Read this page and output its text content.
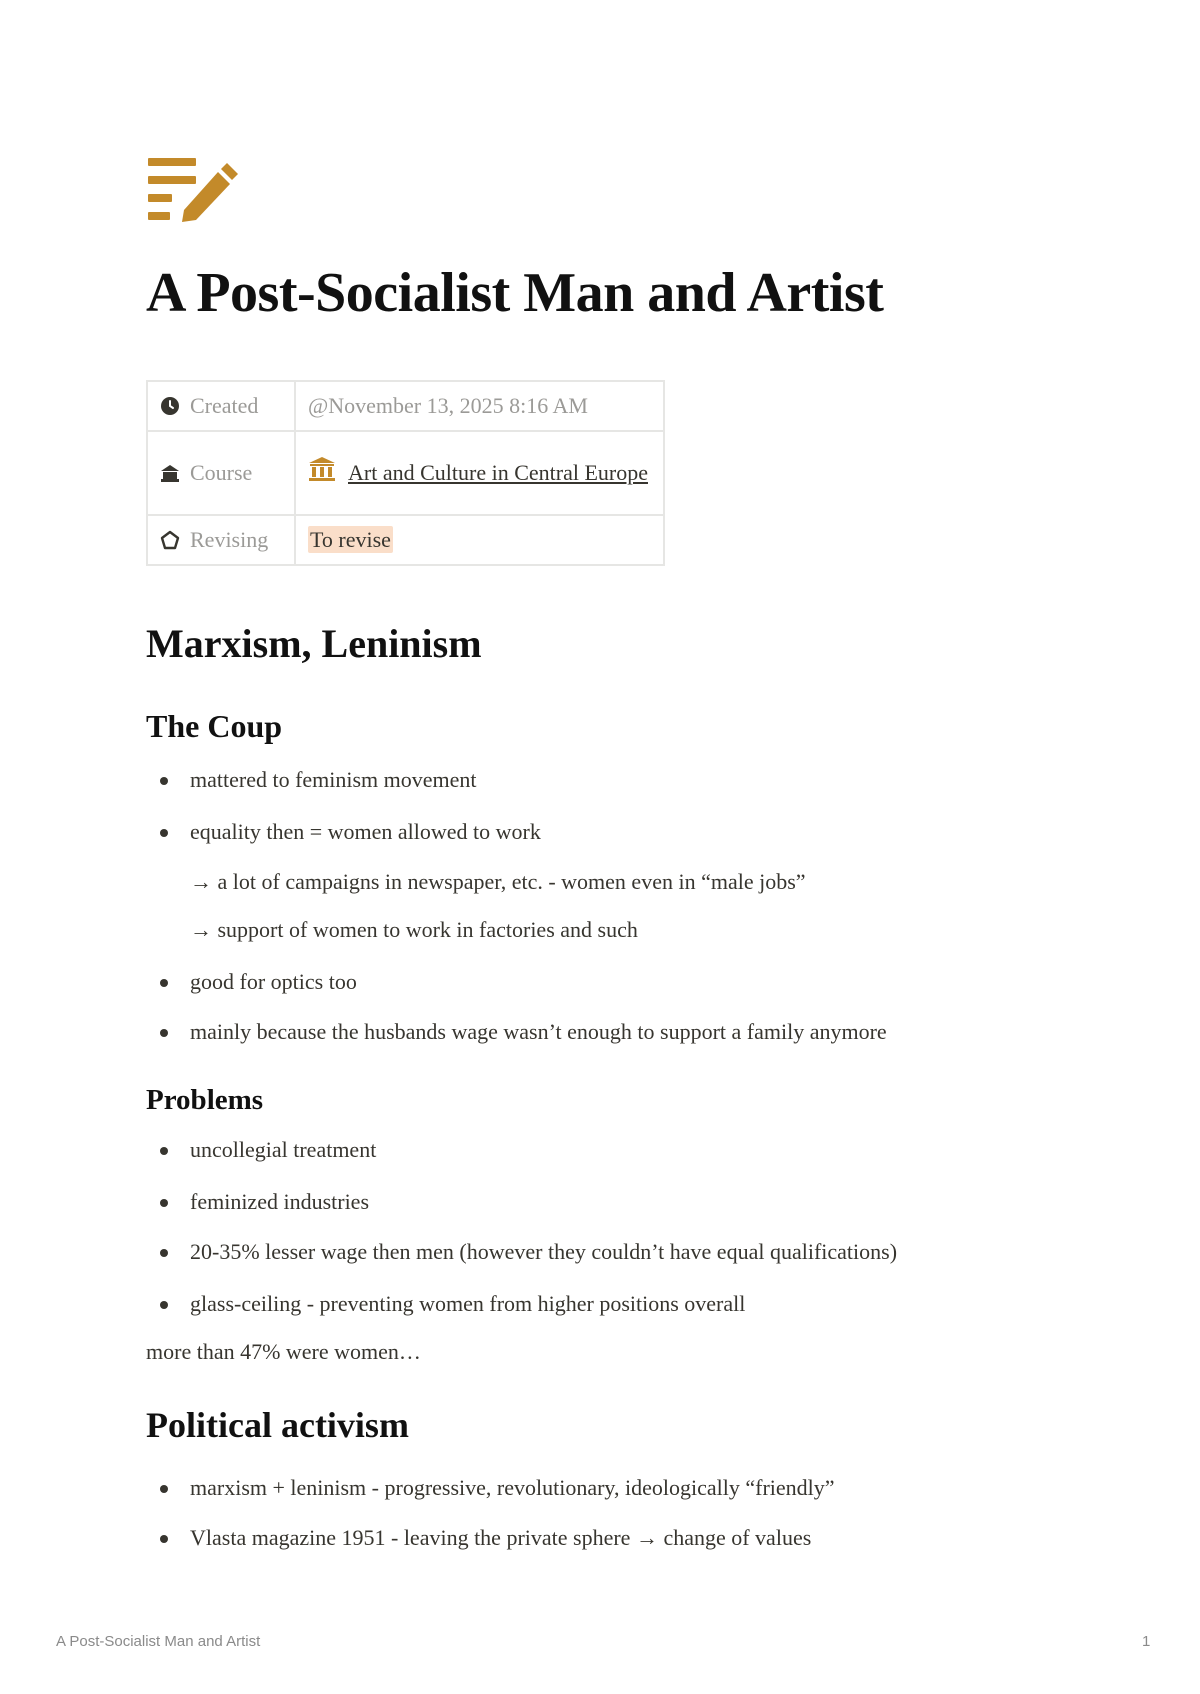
A Post-Socialist Man and Artist
Created	@November 13, 2025 8:16 AM
Course	Art and Culture in Central Europe
Revising	To revise
Marxism, Leninism
The Coup
mattered to feminism movement
equality then = women allowed to work
→ a lot of campaigns in newspaper, etc. - women even in “male jobs”
→ support of women to work in factories and such
good for optics too
mainly because the husbands wage wasn’t enough to support a family anymore
Problems
uncollegial treatment
feminized industries
20-35% lesser wage then men (however they couldn’t have equal qualifications)
glass-ceiling - preventing women from higher positions overall
more than 47% were women…
Political activism
marxism + leninism - progressive, revolutionary, ideologically “friendly”
Vlasta magazine 1951 - leaving the private sphere → change of values
A Post-Socialist Man and Artist	1
